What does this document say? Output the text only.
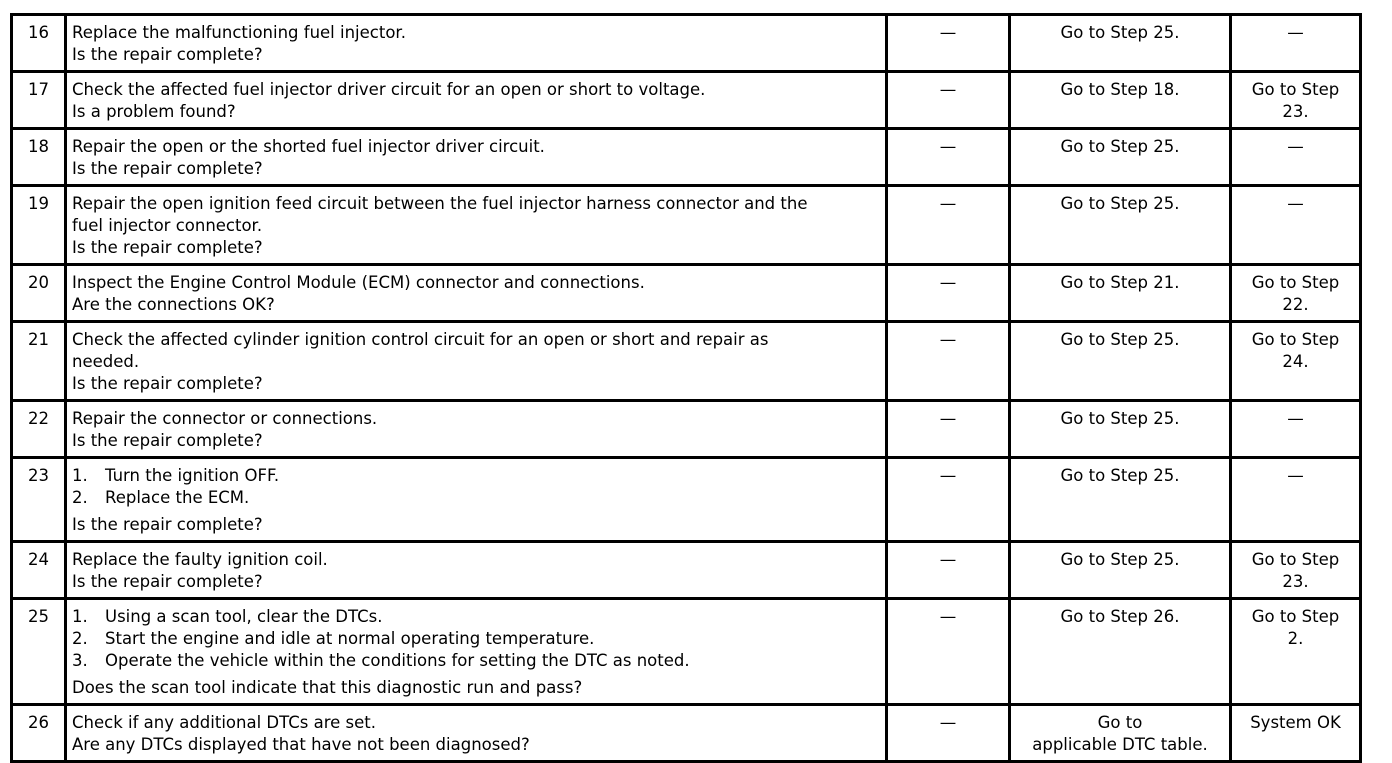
16	Replace the malfunctioning fuel injector.
Is the repair complete?	—	Go to Step 25.	—

17	Check the affected fuel injector driver circuit for an open or short to voltage.
Is a problem found?	—	Go to Step 18.	Go to Step
23.

18	Repair the open or the shorted fuel injector driver circuit.
Is the repair complete?	—	Go to Step 25.	—

19	Repair the open ignition feed circuit between the fuel injector harness connector and the
fuel injector connector.
Is the repair complete?	—	Go to Step 25.	—

20	Inspect the Engine Control Module (ECM) connector and connections.
Are the connections OK?	—	Go to Step 21.	Go to Step
22.

21	Check the affected cylinder ignition control circuit for an open or short and repair as
needed.
Is the repair complete?	—	Go to Step 25.	Go to Step
24.

22	Repair the connector or connections.
Is the repair complete?	—	Go to Step 25.	—

23	1. Turn the ignition OFF.
2. Replace the ECM.
Is the repair complete?	—	Go to Step 25.	—

24	Replace the faulty ignition coil.
Is the repair complete?	—	Go to Step 25.	Go to Step
23.

25	1. Using a scan tool, clear the DTCs.
2. Start the engine and idle at normal operating temperature.
3. Operate the vehicle within the conditions for setting the DTC as noted.
Does the scan tool indicate that this diagnostic run and pass?	—	Go to Step 26.	Go to Step
2.

26	Check if any additional DTCs are set.
Are any DTCs displayed that have not been diagnosed?	—	Go to
applicable DTC table.	System OK
